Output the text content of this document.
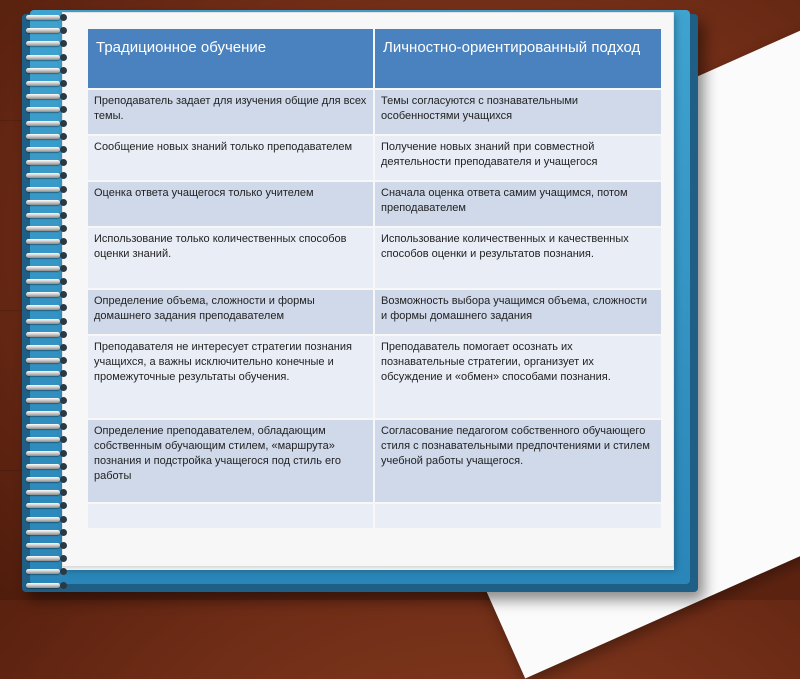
Традиционное обучение	Личностно-ориентированный подход
Преподаватель задает для изучения общие для всех темы.	Темы согласуются с познавательными особенностями учащихся
Сообщение новых знаний только преподавателем	Получение новых знаний при совместной деятельности преподавателя и учащегося
Оценка ответа учащегося только учителем	Сначала оценка ответа самим учащимся, потом преподавателем
Использование только количественных способов оценки знаний.	Использование количественных и качественных способов оценки и результатов познания.
Определение объема, сложности и формы домашнего задания преподавателем	Возможность выбора учащимся объема, сложности и формы домашнего задания
Преподавателя не интересует стратегии познания учащихся, а важны исключительно конечные и промежуточные результаты обучения.	Преподаватель помогает осознать их познавательные стратегии, организует их обсуждение и «обмен» способами познания.
Определение преподавателем, обладающим собственным обучающим стилем, «маршрута» познания и подстройка учащегося под стиль его работы	Согласование педагогом собственного обучающего стиля с познавательными предпочтениями и стилем учебной работы учащегося.
